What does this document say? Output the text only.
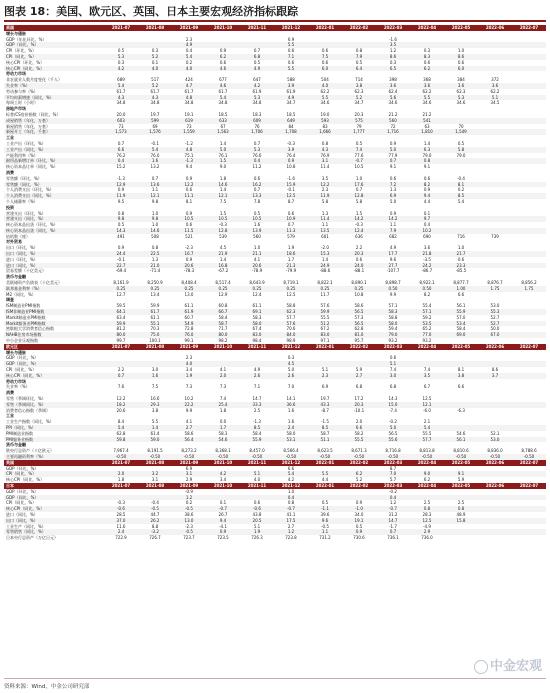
图表 18：美国、欧元区、英国、日本主要宏观经济指标跟踪
美国	2021-07	2021-08	2021-09	2021-10	2021-11	2021-12	2022-01	2022-02	2022-03	2022-04	2022-05	2022-06	2022-07
增长与通胀													
GDP（年化环比，%）			2.3			6.9			-1.6				
GDP（同比，%）			4.9			5.5			3.5				
CPI（环比，%）	0.5	0.3	0.4	0.9	0.7	0.6	0.6	0.8	1.2	0.3	1.0		
CPI（同比，%）	5.3	5.2	5.4	6.2	6.8	7.1	7.5	7.9	8.6	8.3	8.6		
核心CPI（环比，%）	0.3	0.1	0.2	0.6	0.5	0.6	0.6	0.5	0.3	0.6	0.6		
核心CPI（同比，%）	4.2	4.0	4.0	4.6	4.9	5.5	6.0	6.4	6.5	6.2	6.0		
劳动力市场													
非农就业人数月度变化（千人）	689	517	424	677	647	588	504	714	398	368	384	372	
失业率（%）	5.4	5.2	4.7	4.6	4.2	3.9	4.0	3.8	3.6	3.6	3.6	3.6	
劳动参与率（%）	61.7	61.7	61.7	61.7	61.9	61.9	62.2	62.3	62.4	62.2	62.3	62.2	
平均时薪增速（同比，%）	4.3	4.3	4.8	5.4	5.3	4.9	5.5	5.2	5.6	5.5	5.3	5.1	
每周工时（小时）	34.8	34.8	34.8	34.8	34.8	34.7	34.6	34.7	34.6	34.6	34.6	34.5	
房地产市场													
标普/CS房价指数（同比，%）	20.0	19.7	19.1	18.5	18.3	18.5	19.0	20.3	21.2	21.2			
成屋销售（年化，万套）	603	599	619	633	609	649	593	575	560	541			
新屋销售（年化，万套）	73	69	73	67	76	84	83	79	72	63	70		
新屋开工（年化，千套）	1,573	1,576	1,559	1,563	1,706	1,708	1,666	1,777	1,716	1,810	1,549		
工业													
工业产出（环比，%）	0.7	-0.1	-1.2	1.4	0.7	-0.3	0.8	0.5	0.9	1.4	0.5		
工业产出（同比，%）	6.6	5.4	4.8	5.0	5.3	3.9	4.3	7.4	5.0	6.3	5.8		
产能利用率（%）	76.2	76.0	75.1	76.1	76.6	76.4	76.9	77.6	77.9	79.0	79.0		
耐用品新增订单（环比，%）	0.4	1.6	-1.3	1.5	0.4	0.9	3.1	-0.7	0.7	0.8			
核心资本品订单（同比，%）	15.2	13.2	9.4	9.0	11.2	10.8	11.4	10.5	9.1	9.1			
消费													
零售额（环比，%）	-1.3	0.7	0.9	1.8	0.6	-1.6	3.5	1.0	0.6	0.6	-0.4		
零售额（同比，%）	12.9	13.6	12.2	14.6	16.2	15.9	12.2	17.6	7.2	8.2	8.1		
个人消费支出（环比，%）	0.9	1.1	0.6	1.4	0.7	-0.1	2.3	0.7	1.3	0.9	0.2		
个人消费支出（同比，%）	11.9	12.1	11.1	12.1	13.3	12.5	11.9	12.8	6.9	9.4	8.5		
个人储蓄率（%）	9.5	9.8	8.1	7.5	7.8	8.7	5.8	5.8	5.0	4.4	5.4		
投资													
营建支出（环比，%）	0.8	1.0	0.9	1.5	0.5	0.6	1.3	1.5	0.9	0.1			
营建支出（同比，%）	9.8	9.8	10.5	10.5	10.5	10.9	11.4	14.2	14.2	9.7			
核心资本品出货（环比，%）	0.5	1.0	0.6	-0.3	1.6	0.7	1.1	-0.3	1.1	0.4			
核心资本品出货（同比，%）	14.3	14.6	11.5	12.8	13.9	11.3	13.5	12.4	7.9	10.2			
钻机数（座）	491	508	521	539	560	579	601	636	682	690	716	739	
对外贸易													
出口（环比，%）	0.9	0.8	-2.3	4.5	1.0	1.9	-2.0	2.2	4.9	3.6	1.0		
出口（同比，%）	24.4	22.5	16.7	21.9	21.1	18.6	15.3	20.3	17.7	21.8	21.7		
进口（环比，%）	-0.1	1.3	0.9	1.4	4.1	1.7	1.4	0.6	9.6	-3.5	0.6		
进口（同比，%）	22.7	21.0	20.6	16.8	20.6	21.3	24.9	24.0	27.7	24.2	23.3		
贸易差额（十亿美元）	-69.4	-71.4	-78.3	-67.2	-78.9	-79.9	-88.6	-88.1	-107.7	-86.7	-85.5		
货币与金融													
美联储资产负债表（十亿美元）	8,161.9	8,250.9	8,408.4	8,517.4	8,643.9	8,719.1	8,822.1	8,890.1	8,898.7	8,922.1	8,877.7	8,876.7	8,856.2
联邦基金利率（%）	0.25	0.25	0.25	0.25	0.25	0.25	0.25	0.25	0.50	0.50	1.00	1.75	1.75
M2（同比，%）	12.7	13.4	13.0	12.9	12.4	12.5	11.7	10.8	9.9	8.2	6.6		
调查													
ISM制造业PMI指数	59.5	59.9	61.1	60.8	61.1	58.8	57.6	58.6	57.1	55.4	56.1	53.0	
ISM非制造业PMI指数	64.1	61.7	61.9	66.7	69.1	62.3	59.9	56.5	58.3	57.1	55.9	55.3	
Markit制造业PMI指数	63.4	61.1	60.7	58.4	58.3	57.7	55.5	57.3	58.8	59.2	57.0	52.7	
Markit服务业PMI指数	59.9	55.1	54.9	58.7	58.0	57.6	51.2	56.5	58.0	53.5	53.4	52.7	
密歇根大学消费者信心指数	81.2	70.3	72.8	71.7	67.4	70.6	67.2	62.8	59.4	65.2	58.4	50.0	
NAHB住房市场指数	80.0	75.0	76.0	80.0	83.0	84.0	83.0	81.0	79.0	77.0	69.0	67.0	
中小企业乐观指数	99.7	100.1	99.1	98.2	98.4	98.9	97.1	95.7	93.2	93.2			
欧元区	2021-07	2021-08	2021-09	2021-10	2021-11	2021-12	2022-01	2022-02	2022-03	2022-04	2022-05	2022-06	2022-07
增长与通胀													
GDP（环比，%）			2.3			0.3			0.6				
GDP（同比，%）			4.0			4.5			5.1				
CPI（同比，%）	2.2	3.0	3.4	4.1	4.9	5.0	5.1	5.9	7.4	7.4	8.1	8.6	
核心CPI（同比，%）	0.7	1.6	1.9	2.0	2.6	2.6	2.3	2.7	3.0	3.5	3.8	3.7	
劳动力市场													
失业率（%）	7.6	7.5	7.3	7.3	7.1	7.0	6.9	6.8	6.8	6.7	6.6		
消费													
零售（季调环比，%）	12.2	16.6	10.2	7.4	14.7	14.1	19.7	17.2	14.3	12.5			
零售（季调同比，%）	18.2	29.3	22.2	25.4	33.3	36.6	43.3	20.3	15.0	12.1			
消费者信心指数（季调）	20.6	3.8	9.9	1.8	2.5	1.6	-8.7	-10.1	-7.4	-6.0	-6.3		
工业													
工业生产指数（同比，%）	8.4	5.5	4.1	0.0	-1.3	1.6	-1.5	2.0	-0.2	2.1			
PPI（同比，%）	5.4	1.4	2.7	1.7	8.5	2.4	8.5	6.6	5.0	5.4			
PMI制造业指数	62.8	61.4	58.6	58.3	58.4	58.0	58.7	58.2	56.5	55.5	54.6	52.1	
PMI服务业指数	59.8	59.0	56.4	54.6	55.9	53.1	51.1	55.5	55.6	57.7	56.1	53.0	
货币与金融													
欧央行总资产（十亿欧元）	7,967.4	8,191.5	8,273.2	8,368.1	8,457.0	8,566.4	8,623.5	8,671.3	8,716.8	8,813.8	8,810.6	8,836.0	8,788.6
主要再融资利率（%）	-0.50	-0.50	-0.50	-0.50	-0.50	-0.50	-0.50	-0.50	-0.50	-0.50	-0.50	-0.50	-0.50
英国	2021-07	2021-08	2021-09	2021-10	2021-11	2021-12	2022-01	2022-02	2022-03	2022-04	2022-05	2022-06	2022-07
GDP（环比，%）			6.9			6.6			8.7				
CPI（同比，%）	2.0	3.2	3.1	4.2	5.1	5.4	5.5	6.2	7.0	9.0	9.1		
核心CPI（同比，%）	1.8	3.1	2.9	3.4	4.0	4.2	4.4	5.2	5.7	6.2	5.9		
日本	2021-07	2021-08	2021-09	2021-10	2021-11	2021-12	2022-01	2022-02	2022-03	2022-04	2022-05	2022-06	2022-07
GDP（环比，%）			-0.9			1.0			-0.2				
GDP（同比，%）			1.2			0.4			0.4				
CPI（同比，%）	-0.3	-0.4	0.2	0.1	0.6	0.8	0.5	0.9	1.2	2.5	2.5		
核心CPI（同比，%）	-0.6	-0.5	-0.5	-0.7	-0.6	-0.7	-1.1	-1.0	-0.7	0.8	0.8		
进口（同比，%）	28.5	44.7	38.6	26.7	43.8	41.1	39.6	34.0	31.2	28.3	48.9		
出口（同比，%）	37.0	26.2	13.0	9.4	20.5	17.5	9.6	19.1	14.7	12.5	15.8		
工业生产（同比，%）	11.6	8.8	-2.3	-4.1	5.1	2.7	-0.5	0.5	-1.7	-4.9			
零售销售（同比，%）	2.4	-3.2	-0.5	0.9	1.9	1.2	1.1	0.9	0.7	2.9			
日本央行总资产（万亿日元）	722.9	726.7	723.7	723.5	726.3	723.8	731.2	730.6	736.1	736.0			
中金宏观
资料来源：Wind，中金公司研究部
